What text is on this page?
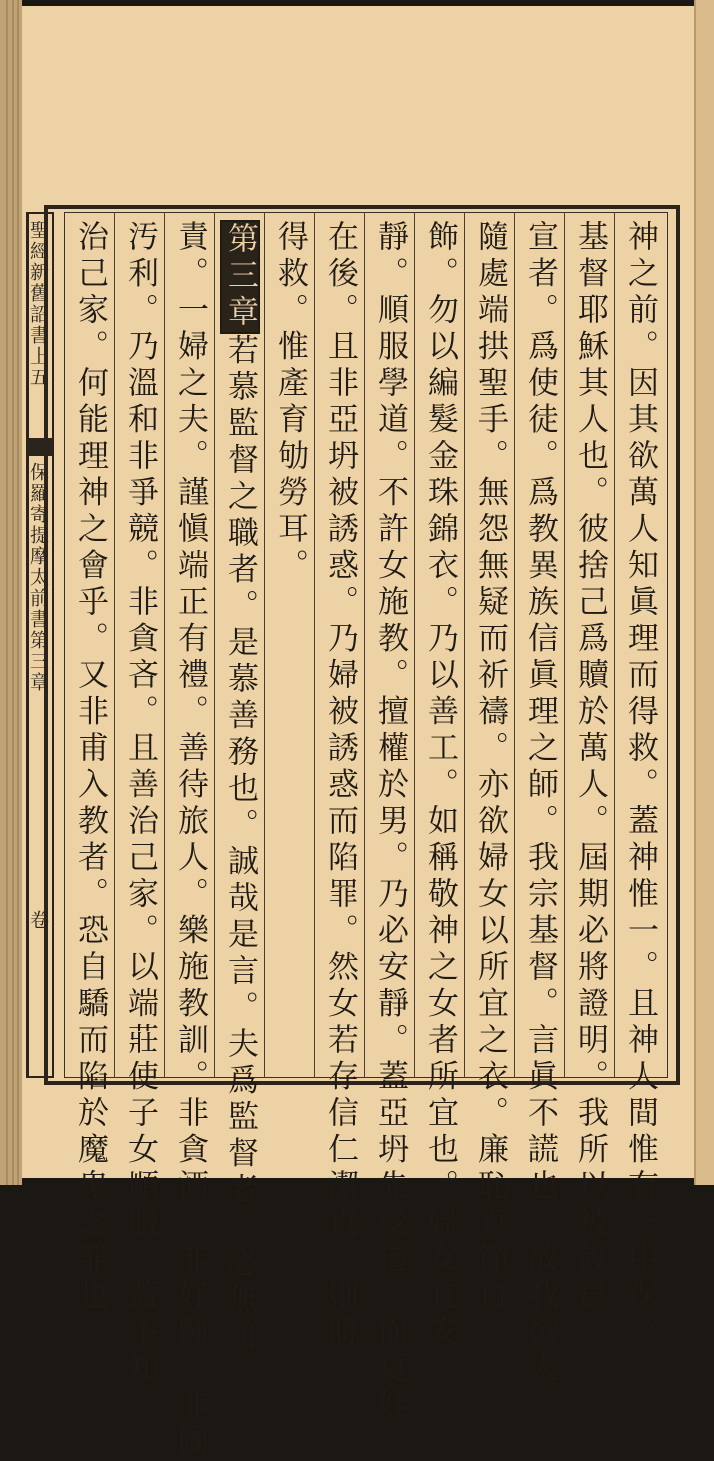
聖經新舊詔書上五
保羅寄提摩太前書第三章
卷	神之前。因其欲萬人知眞理而得救。蓋神惟一。且神人間惟有一中保。
基督耶穌其人也。彼捨己爲贖於萬人。屆期必將證明。我所以被設爲
宣者。爲使徒。爲教異族信眞理之師。我宗基督。言眞不謊也。故我欲人
隨處端拱聖手。無怨無疑而祈禱。亦欲婦女以所宜之衣。廉恥貞節自
飾。勿以編髮金珠錦衣。乃以善工。如稱敬神之女者所宜也。婦女宜安
靜。順服學道。不許女施教。擅權於男。乃必安靜。蓋亞坍先受造。而夏娃
在後。且非亞坍被誘惑。乃婦被誘惑而陷罪。然女若存信仁潔貞。則將
得救。惟產育劬勞耳。
第三章若慕監督之職者。是慕善務也。誠哉是言。夫爲監督者。必無可
責。一婦之夫。謹愼端正有禮。善待旅人。樂施教訓。非貪酒。非好鬪。非圖
汚利。乃溫和非爭競。非貪吝。且善治己家。以端莊使子女順服。蓋不知
治己家。何能理神之會乎。又非甫入教者。恐自驕而陷於魔鬼之罪也。
